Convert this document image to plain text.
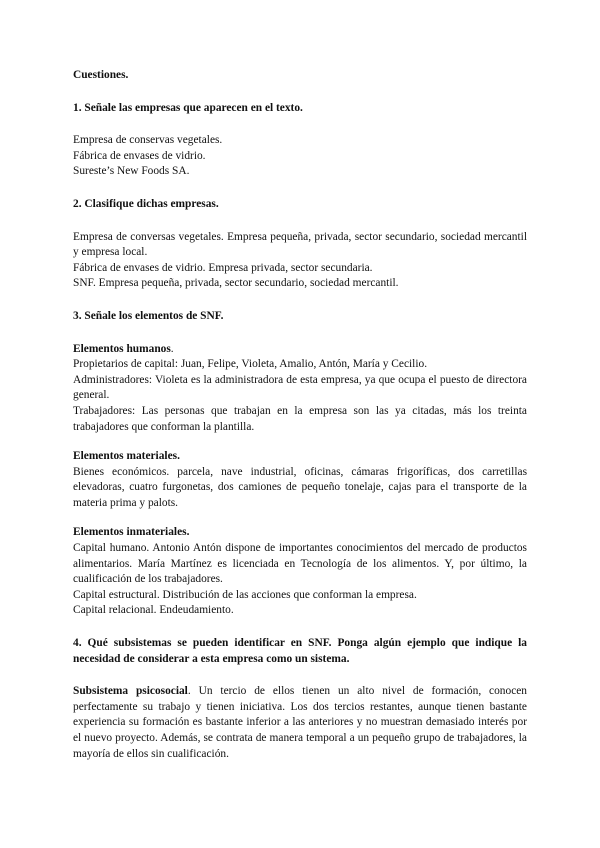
Cuestiones.

1. Señale las empresas que aparecen en el texto.

Empresa de conservas vegetales.

Fábrica de envases de vidrio.

Sureste’s New Foods SA.

2. Clasifique dichas empresas.

Empresa de conversas vegetales. Empresa pequeña, privada, sector secundario, sociedad mercantil y empresa local.

Fábrica de envases de vidrio. Empresa privada, sector secundaria.

SNF. Empresa pequeña, privada, sector secundario, sociedad mercantil.

3. Señale los elementos de SNF.

Elementos humanos.

Propietarios de capital: Juan, Felipe, Violeta, Amalio, Antón, María y Cecilio.

Administradores: Violeta es la administradora de esta empresa, ya que ocupa el puesto de directora general.

Trabajadores: Las personas que trabajan en la empresa son las ya citadas, más los treinta trabajadores que conforman la plantilla.

Elementos materiales.

Bienes económicos. parcela, nave industrial, oficinas, cámaras frigoríficas, dos carretillas elevadoras, cuatro furgonetas, dos camiones de pequeño tonelaje, cajas para el transporte de la materia prima y palots.

Elementos inmateriales.

Capital humano. Antonio Antón dispone de importantes conocimientos del mercado de productos alimentarios. María Martínez es licenciada en Tecnología de los alimentos. Y, por último, la cualificación de los trabajadores.

Capital estructural. Distribución de las acciones que conforman la empresa.

Capital relacional. Endeudamiento.

4. Qué subsistemas se pueden identificar en SNF. Ponga algún ejemplo que indique la necesidad de considerar a esta empresa como un sistema.

Subsistema psicosocial. Un tercio de ellos tienen un alto nivel de formación, conocen perfectamente su trabajo y tienen iniciativa. Los dos tercios restantes, aunque tienen bastante experiencia su formación es bastante inferior a las anteriores y no muestran demasiado interés por el nuevo proyecto. Además, se contrata de manera temporal a un pequeño grupo de trabajadores, la mayoría de ellos sin cualificación.
